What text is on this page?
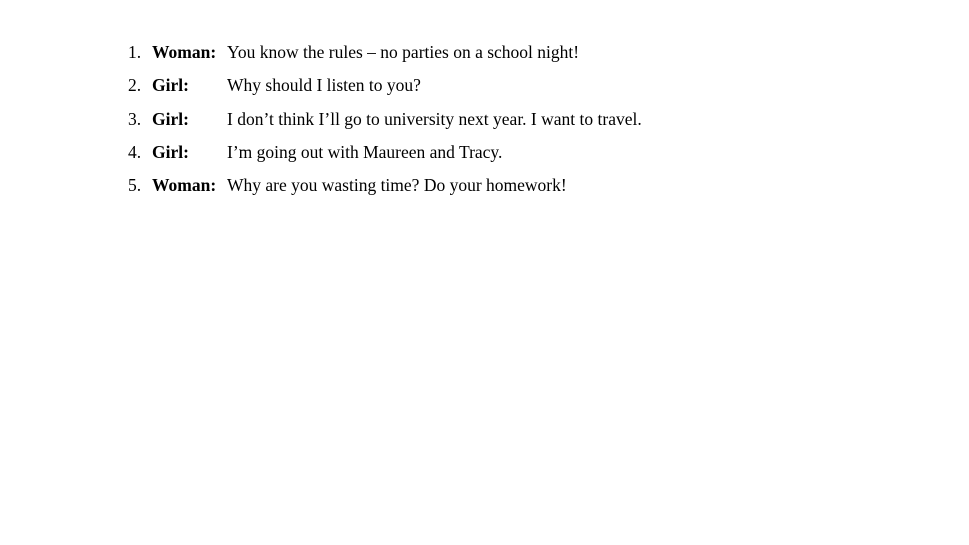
1. Woman: You know the rules – no parties on a school night!
2. Girl:	Why should I listen to you?
3. Girl:	I don’t think I’ll go to university next year. I want to travel.
4. Girl:	I’m going out with Maureen and Tracy.
5. Woman: Why are you wasting time? Do your homework!
